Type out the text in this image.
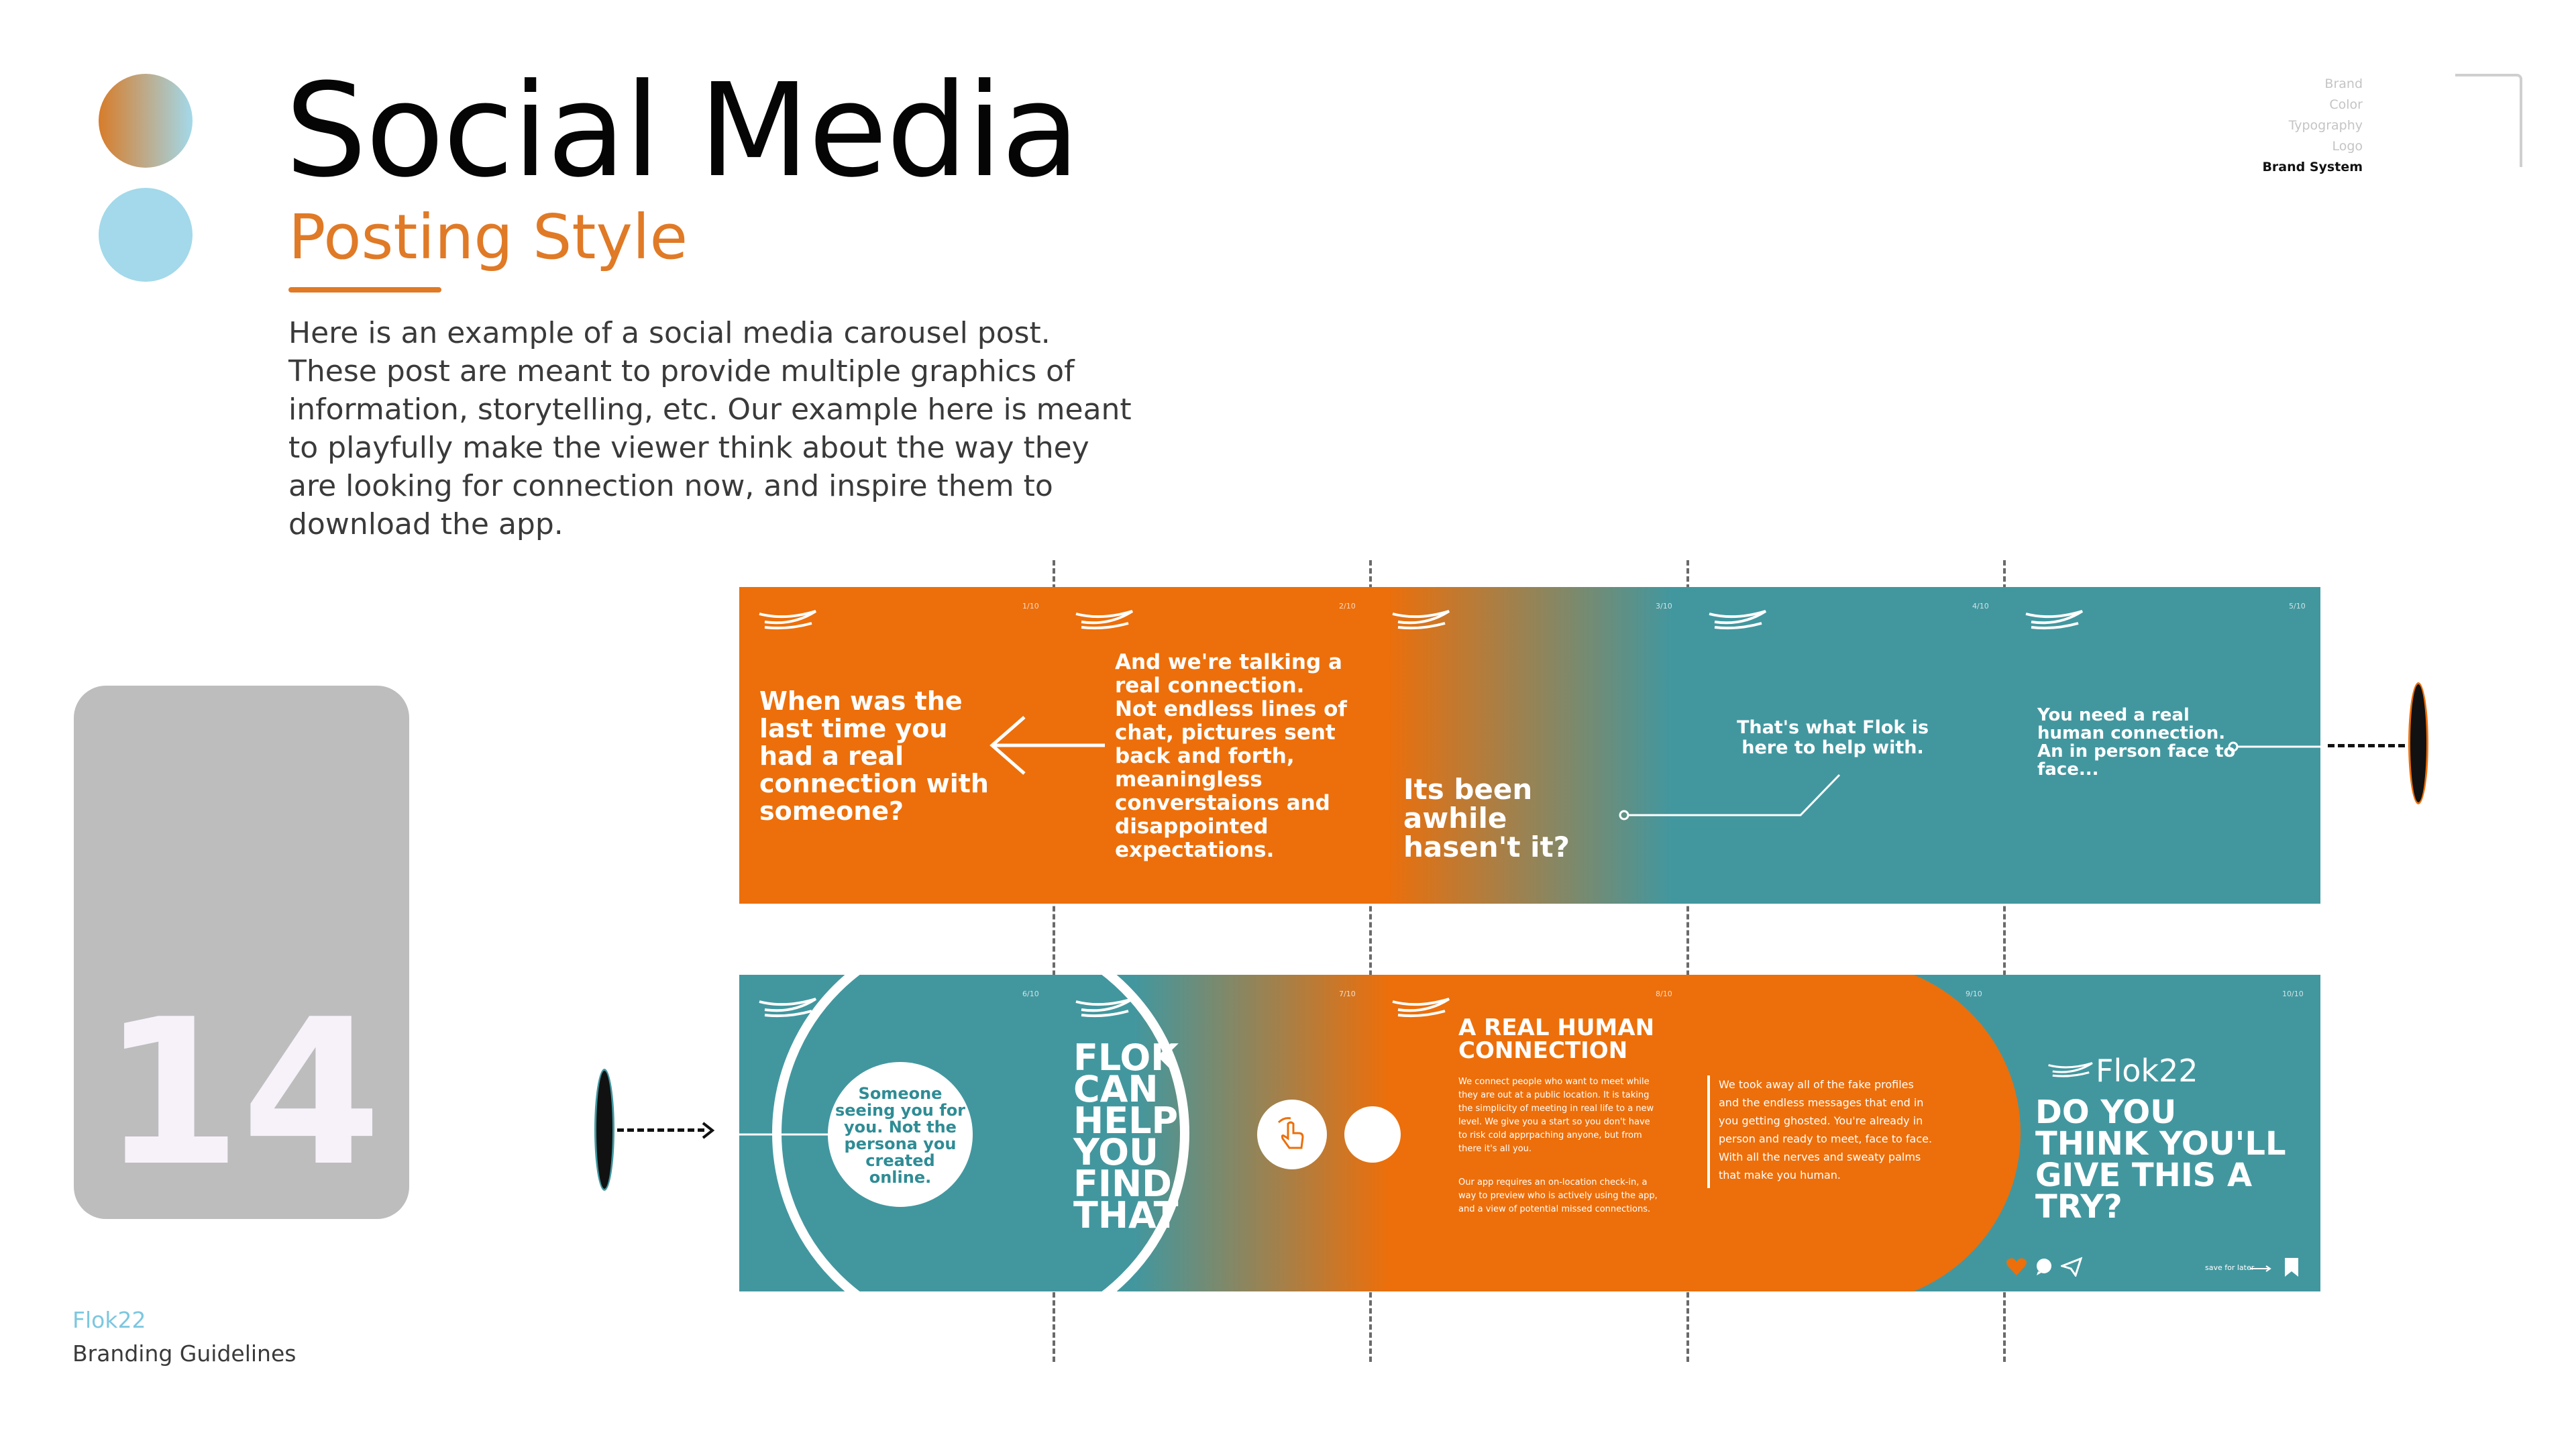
Social Media
Posting Style
Here is an example of a social media carousel post. These post are meant to provide multiple graphics of information, storytelling, etc. Our example here is meant to playfully make the viewer think about the way they are looking for connection now, and inspire them to download the app.
Brand
Color
Typography
Logo
Brand System
14
Flok22
Branding Guidelines
1/10	2/10	3/10	4/10	5/10
When was the last time you had a real connection with someone?
And we're talking a real connection. Not endless lines of chat, pictures sent back and forth, meaningless converstaions and disappointed expectations.
Its been awhile hasen't it?
That's what Flok is here to help with.
You need a real human connection. An in person face to face...
6/10	7/10	8/10	9/10	10/10
Someone seeing you for you. Not the persona you created online.
FLOK CAN HELP YOU FIND THAT
A REAL HUMAN CONNECTION
We connect people who want to meet while they are out at a public location. It is taking the simplicity of meeting in real life to a new level. We give you a start so you don't have to risk cold apprpaching anyone, but from there it's all you.
Our app requires an on-location check-in, a way to preview who is actively using the app, and a view of potential missed connections.
We took away all of the fake profiles and the endless messages that end in you getting ghosted. You're already in person and ready to meet, face to face. With all the nerves and sweaty palms that make you human.
Flok22
DO YOU THINK YOU'LL GIVE THIS A TRY?
save for later
